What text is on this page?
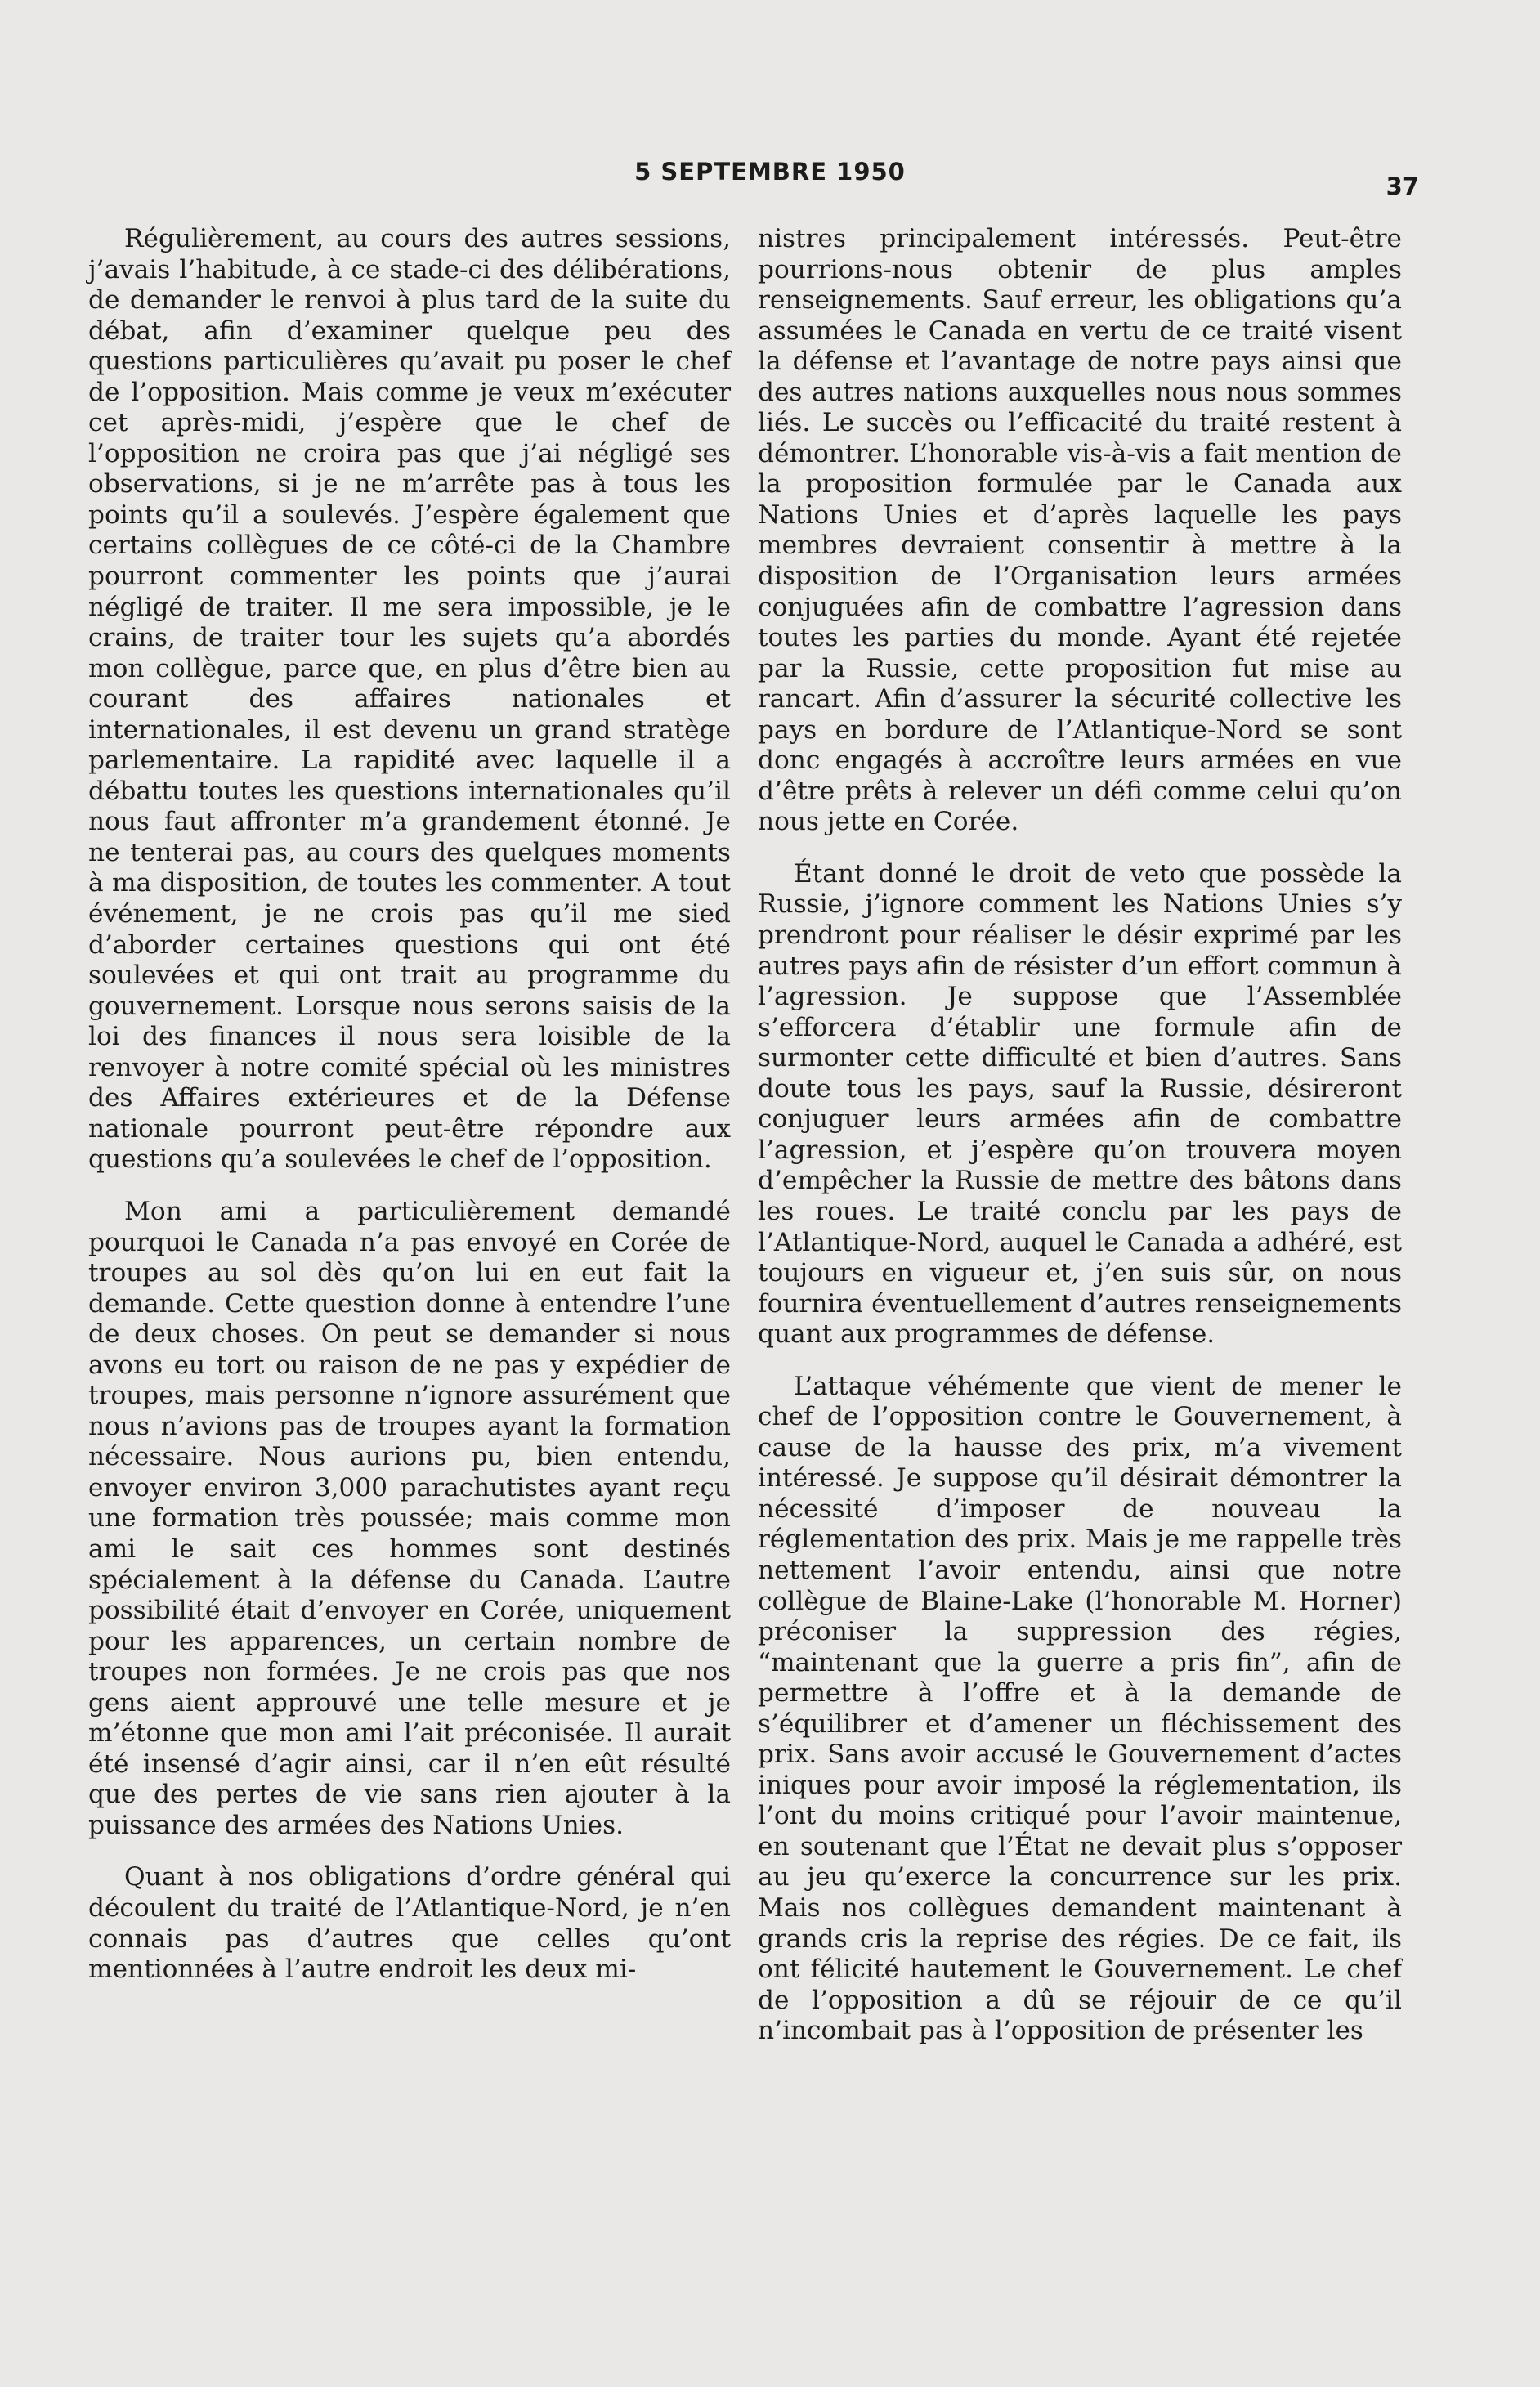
5 SEPTEMBRE 1950
37

Régulièrement, au cours des autres sessions, j’avais l’habitude, à ce stade-ci des délibérations, de demander le renvoi à plus tard de la suite du débat, afin d’examiner quelque peu des questions particulières qu’avait pu poser le chef de l’opposition. Mais comme je veux m’exécuter cet après-midi, j’espère que le chef de l’opposition ne croira pas que j’ai négligé ses observations, si je ne m’arrête pas à tous les points qu’il a soulevés. J’espère également que certains collègues de ce côté-ci de la Chambre pourront commenter les points que j’aurai négligé de traiter. Il me sera impossible, je le crains, de traiter tour les sujets qu’a abordés mon collègue, parce que, en plus d’être bien au courant des affaires nationales et internationales, il est devenu un grand stratège parlementaire. La rapidité avec laquelle il a débattu toutes les questions internationales qu’il nous faut affronter m’a grandement étonné. Je ne tenterai pas, au cours des quelques moments à ma disposition, de toutes les commenter. A tout événement, je ne crois pas qu’il me sied d’aborder certaines questions qui ont été soulevées et qui ont trait au programme du gouvernement. Lorsque nous serons saisis de la loi des finances il nous sera loisible de la renvoyer à notre comité spécial où les ministres des Affaires extérieures et de la Défense nationale pourront peut-être répondre aux questions qu’a soulevées le chef de l’opposition.

Mon ami a particulièrement demandé pourquoi le Canada n’a pas envoyé en Corée de troupes au sol dès qu’on lui en eut fait la demande. Cette question donne à entendre l’une de deux choses. On peut se demander si nous avons eu tort ou raison de ne pas y expédier de troupes, mais personne n’ignore assurément que nous n’avions pas de troupes ayant la formation nécessaire. Nous aurions pu, bien entendu, envoyer environ 3,000 parachutistes ayant reçu une formation très poussée; mais comme mon ami le sait ces hommes sont destinés spécialement à la défense du Canada. L’autre possibilité était d’envoyer en Corée, uniquement pour les apparences, un certain nombre de troupes non formées. Je ne crois pas que nos gens aient approuvé une telle mesure et je m’étonne que mon ami l’ait préconisée. Il aurait été insensé d’agir ainsi, car il n’en eût résulté que des pertes de vie sans rien ajouter à la puissance des armées des Nations Unies.

Quant à nos obligations d’ordre général qui découlent du traité de l’Atlantique-Nord, je n’en connais pas d’autres que celles qu’ont mentionnées à l’autre endroit les deux mi-

nistres principalement intéressés. Peut-être pourrions-nous obtenir de plus amples renseignements. Sauf erreur, les obligations qu’a assumées le Canada en vertu de ce traité visent la défense et l’avantage de notre pays ainsi que des autres nations auxquelles nous nous sommes liés. Le succès ou l’efficacité du traité restent à démontrer. L’honorable vis-à-vis a fait mention de la proposition formulée par le Canada aux Nations Unies et d’après laquelle les pays membres devraient consentir à mettre à la disposition de l’Organisation leurs armées conjuguées afin de combattre l’agression dans toutes les parties du monde. Ayant été rejetée par la Russie, cette proposition fut mise au rancart. Afin d’assurer la sécurité collective les pays en bordure de l’Atlantique-Nord se sont donc engagés à accroître leurs armées en vue d’être prêts à relever un défi comme celui qu’on nous jette en Corée.

Étant donné le droit de veto que possède la Russie, j’ignore comment les Nations Unies s’y prendront pour réaliser le désir exprimé par les autres pays afin de résister d’un effort commun à l’agression. Je suppose que l’Assemblée s’efforcera d’établir une formule afin de surmonter cette difficulté et bien d’autres. Sans doute tous les pays, sauf la Russie, désireront conjuguer leurs armées afin de combattre l’agression, et j’espère qu’on trouvera moyen d’empêcher la Russie de mettre des bâtons dans les roues. Le traité conclu par les pays de l’Atlantique-Nord, auquel le Canada a adhéré, est toujours en vigueur et, j’en suis sûr, on nous fournira éventuellement d’autres renseignements quant aux programmes de défense.

L’attaque véhémente que vient de mener le chef de l’opposition contre le Gouvernement, à cause de la hausse des prix, m’a vivement intéressé. Je suppose qu’il désirait démontrer la nécessité d’imposer de nouveau la réglementation des prix. Mais je me rappelle très nettement l’avoir entendu, ainsi que notre collègue de Blaine-Lake (l’honorable M. Horner) préconiser la suppression des régies, “maintenant que la guerre a pris fin”, afin de permettre à l’offre et à la demande de s’équilibrer et d’amener un fléchissement des prix. Sans avoir accusé le Gouvernement d’actes iniques pour avoir imposé la réglementation, ils l’ont du moins critiqué pour l’avoir maintenue, en soutenant que l’État ne devait plus s’opposer au jeu qu’exerce la concurrence sur les prix. Mais nos collègues demandent maintenant à grands cris la reprise des régies. De ce fait, ils ont félicité hautement le Gouvernement. Le chef de l’opposition a dû se réjouir de ce qu’il n’incombait pas à l’opposition de présenter les
